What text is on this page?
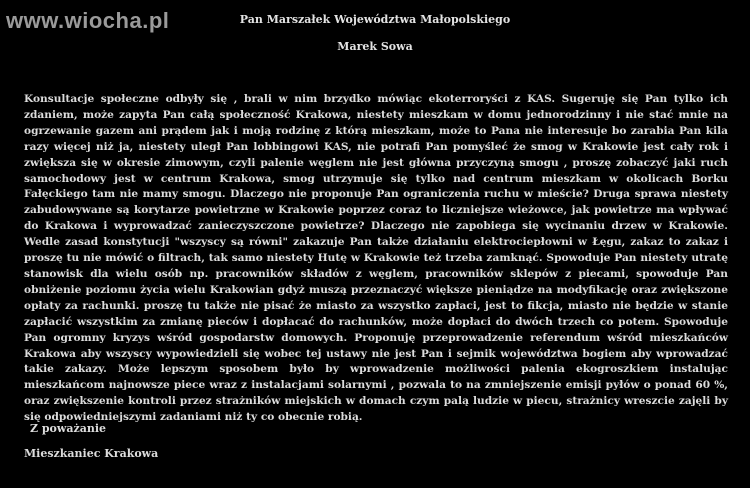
www.wiocha.pl	Pan Marszałek Województwa Małopolskiego
Marek Sowa

Konsultacje społeczne odbyły się , brali w nim brzydko mówiąc ekoterroryści z KAS. Sugeruję się Pan tylko ich zdaniem, może zapyta Pan całą społeczność Krakowa, niestety mieszkam w domu jednorodzinny i nie stać mnie na ogrzewanie gazem ani prądem jak i moją rodzinę z którą mieszkam, może to Pana nie interesuje bo zarabia Pan kila razy więcej niż ja, niestety uległ Pan lobbingowi KAS, nie potrafi Pan pomyśleć że smog w Krakowie jest cały rok i zwiększa się w okresie zimowym, czyli palenie węglem nie jest główna przyczyną smogu , proszę zobaczyć jaki ruch samochodowy jest w centrum Krakowa, smog utrzymuje się tylko nad centrum mieszkam w okolicach Borku Fałęckiego tam nie mamy smogu. Dlaczego nie proponuje Pan ograniczenia ruchu w mieście? Druga sprawa niestety zabudowywane są korytarze powietrzne w Krakowie poprzez coraz to liczniejsze wieżowce, jak powietrze ma wpływać do Krakowa i wyprowadzać zanieczyszczone powietrze? Dlaczego nie zapobiega się wycinaniu drzew w Krakowie. Wedle zasad konstytucji "wszyscy są równi" zakazuje Pan także działaniu elektrociepłowni w Łęgu, zakaz to zakaz i proszę tu nie mówić o filtrach, tak samo niestety Hutę w Krakowie też trzeba zamknąć. Spowoduje Pan niestety utratę stanowisk dla wielu osób np. pracowników składów z węglem, pracowników sklepów z piecami, spowoduje Pan obniżenie poziomu życia wielu Krakowian gdyż muszą przeznaczyć większe pieniądze na modyfikację oraz zwiększone opłaty za rachunki. proszę tu także nie pisać że miasto za wszystko zapłaci, jest to fikcja, miasto nie będzie w stanie zapłacić wszystkim za zmianę pieców i dopłacać do rachunków, może dopłaci do dwóch trzech co potem. Spowoduje Pan ogromny kryzys wśród gospodarstw domowych. Proponuję przeprowadzenie referendum wśród mieszkańców Krakowa aby wszyscy wypowiedzieli się wobec tej ustawy nie jest Pan i sejmik województwa bogiem aby wprowadzać takie zakazy. Może lepszym sposobem było by wprowadzenie możliwości palenia ekogroszkiem instalując mieszkańcom najnowsze piece wraz z instalacjami solarnymi , pozwala to na zmniejszenie emisji pyłów o ponad 60 %, oraz zwiększenie kontroli przez strażników miejskich w domach czym palą ludzie w piecu, strażnicy wreszcie zajęli by się odpowiedniejszymi zadaniami niż ty co obecnie robią.

Z poważanie
Mieszkaniec Krakowa
